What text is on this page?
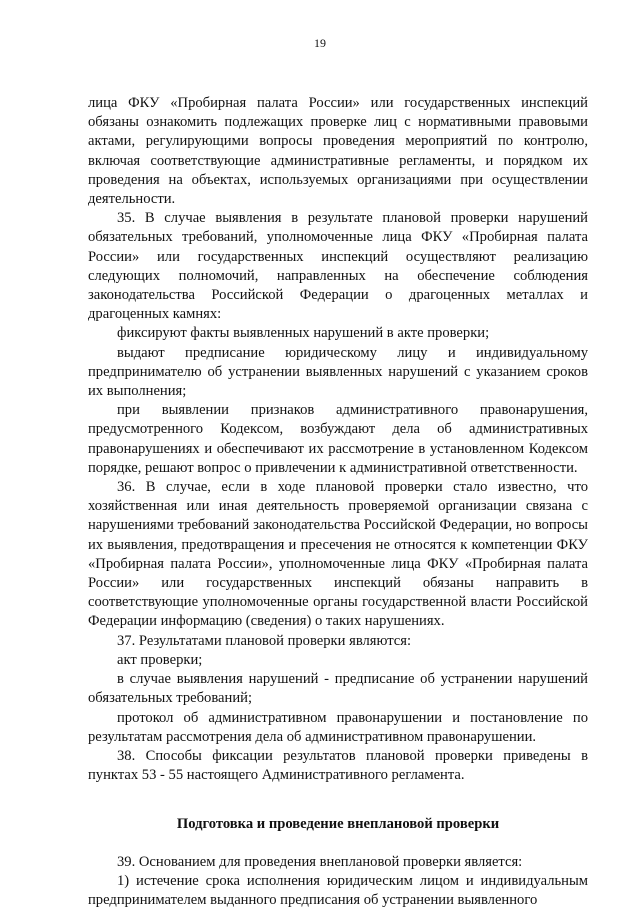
19

лица ФКУ «Пробирная палата России» или государственных инспекций обязаны ознакомить подлежащих проверке лиц с нормативными правовыми актами, регулирующими вопросы проведения мероприятий по контролю, включая соответствующие административные регламенты, и порядком их проведения на объектах, используемых организациями при осуществлении деятельности.

35. В случае выявления в результате плановой проверки нарушений обязательных требований, уполномоченные лица ФКУ «Пробирная палата России» или государственных инспекций осуществляют реализацию следующих полномочий, направленных на обеспечение соблюдения законодательства Российской Федерации о драгоценных металлах и драгоценных камнях:

фиксируют факты выявленных нарушений в акте проверки;

выдают предписание юридическому лицу и индивидуальному предпринимателю об устранении выявленных нарушений с указанием сроков их выполнения;

при выявлении признаков административного правонарушения, предусмотренного Кодексом, возбуждают дела об административных правонарушениях и обеспечивают их рассмотрение в установленном Кодексом порядке, решают вопрос о привлечении к административной ответственности.

36. В случае, если в ходе плановой проверки стало известно, что хозяйственная или иная деятельность проверяемой организации связана с нарушениями требований законодательства Российской Федерации, но вопросы их выявления, предотвращения и пресечения не относятся к компетенции ФКУ «Пробирная палата России», уполномоченные лица ФКУ «Пробирная палата России» или государственных инспекций обязаны направить в соответствующие уполномоченные органы государственной власти Российской Федерации информацию (сведения) о таких нарушениях.

37. Результатами плановой проверки являются:

акт проверки;

в случае выявления нарушений - предписание об устранении нарушений обязательных требований;

протокол об административном правонарушении и постановление по результатам рассмотрения дела об административном правонарушении.

38. Способы фиксации результатов плановой проверки приведены в пунктах 53 - 55 настоящего Административного регламента.

Подготовка и проведение внеплановой проверки

39. Основанием для проведения внеплановой проверки является:

1) истечение срока исполнения юридическим лицом и индивидуальным предпринимателем выданного предписания об устранении выявленного
